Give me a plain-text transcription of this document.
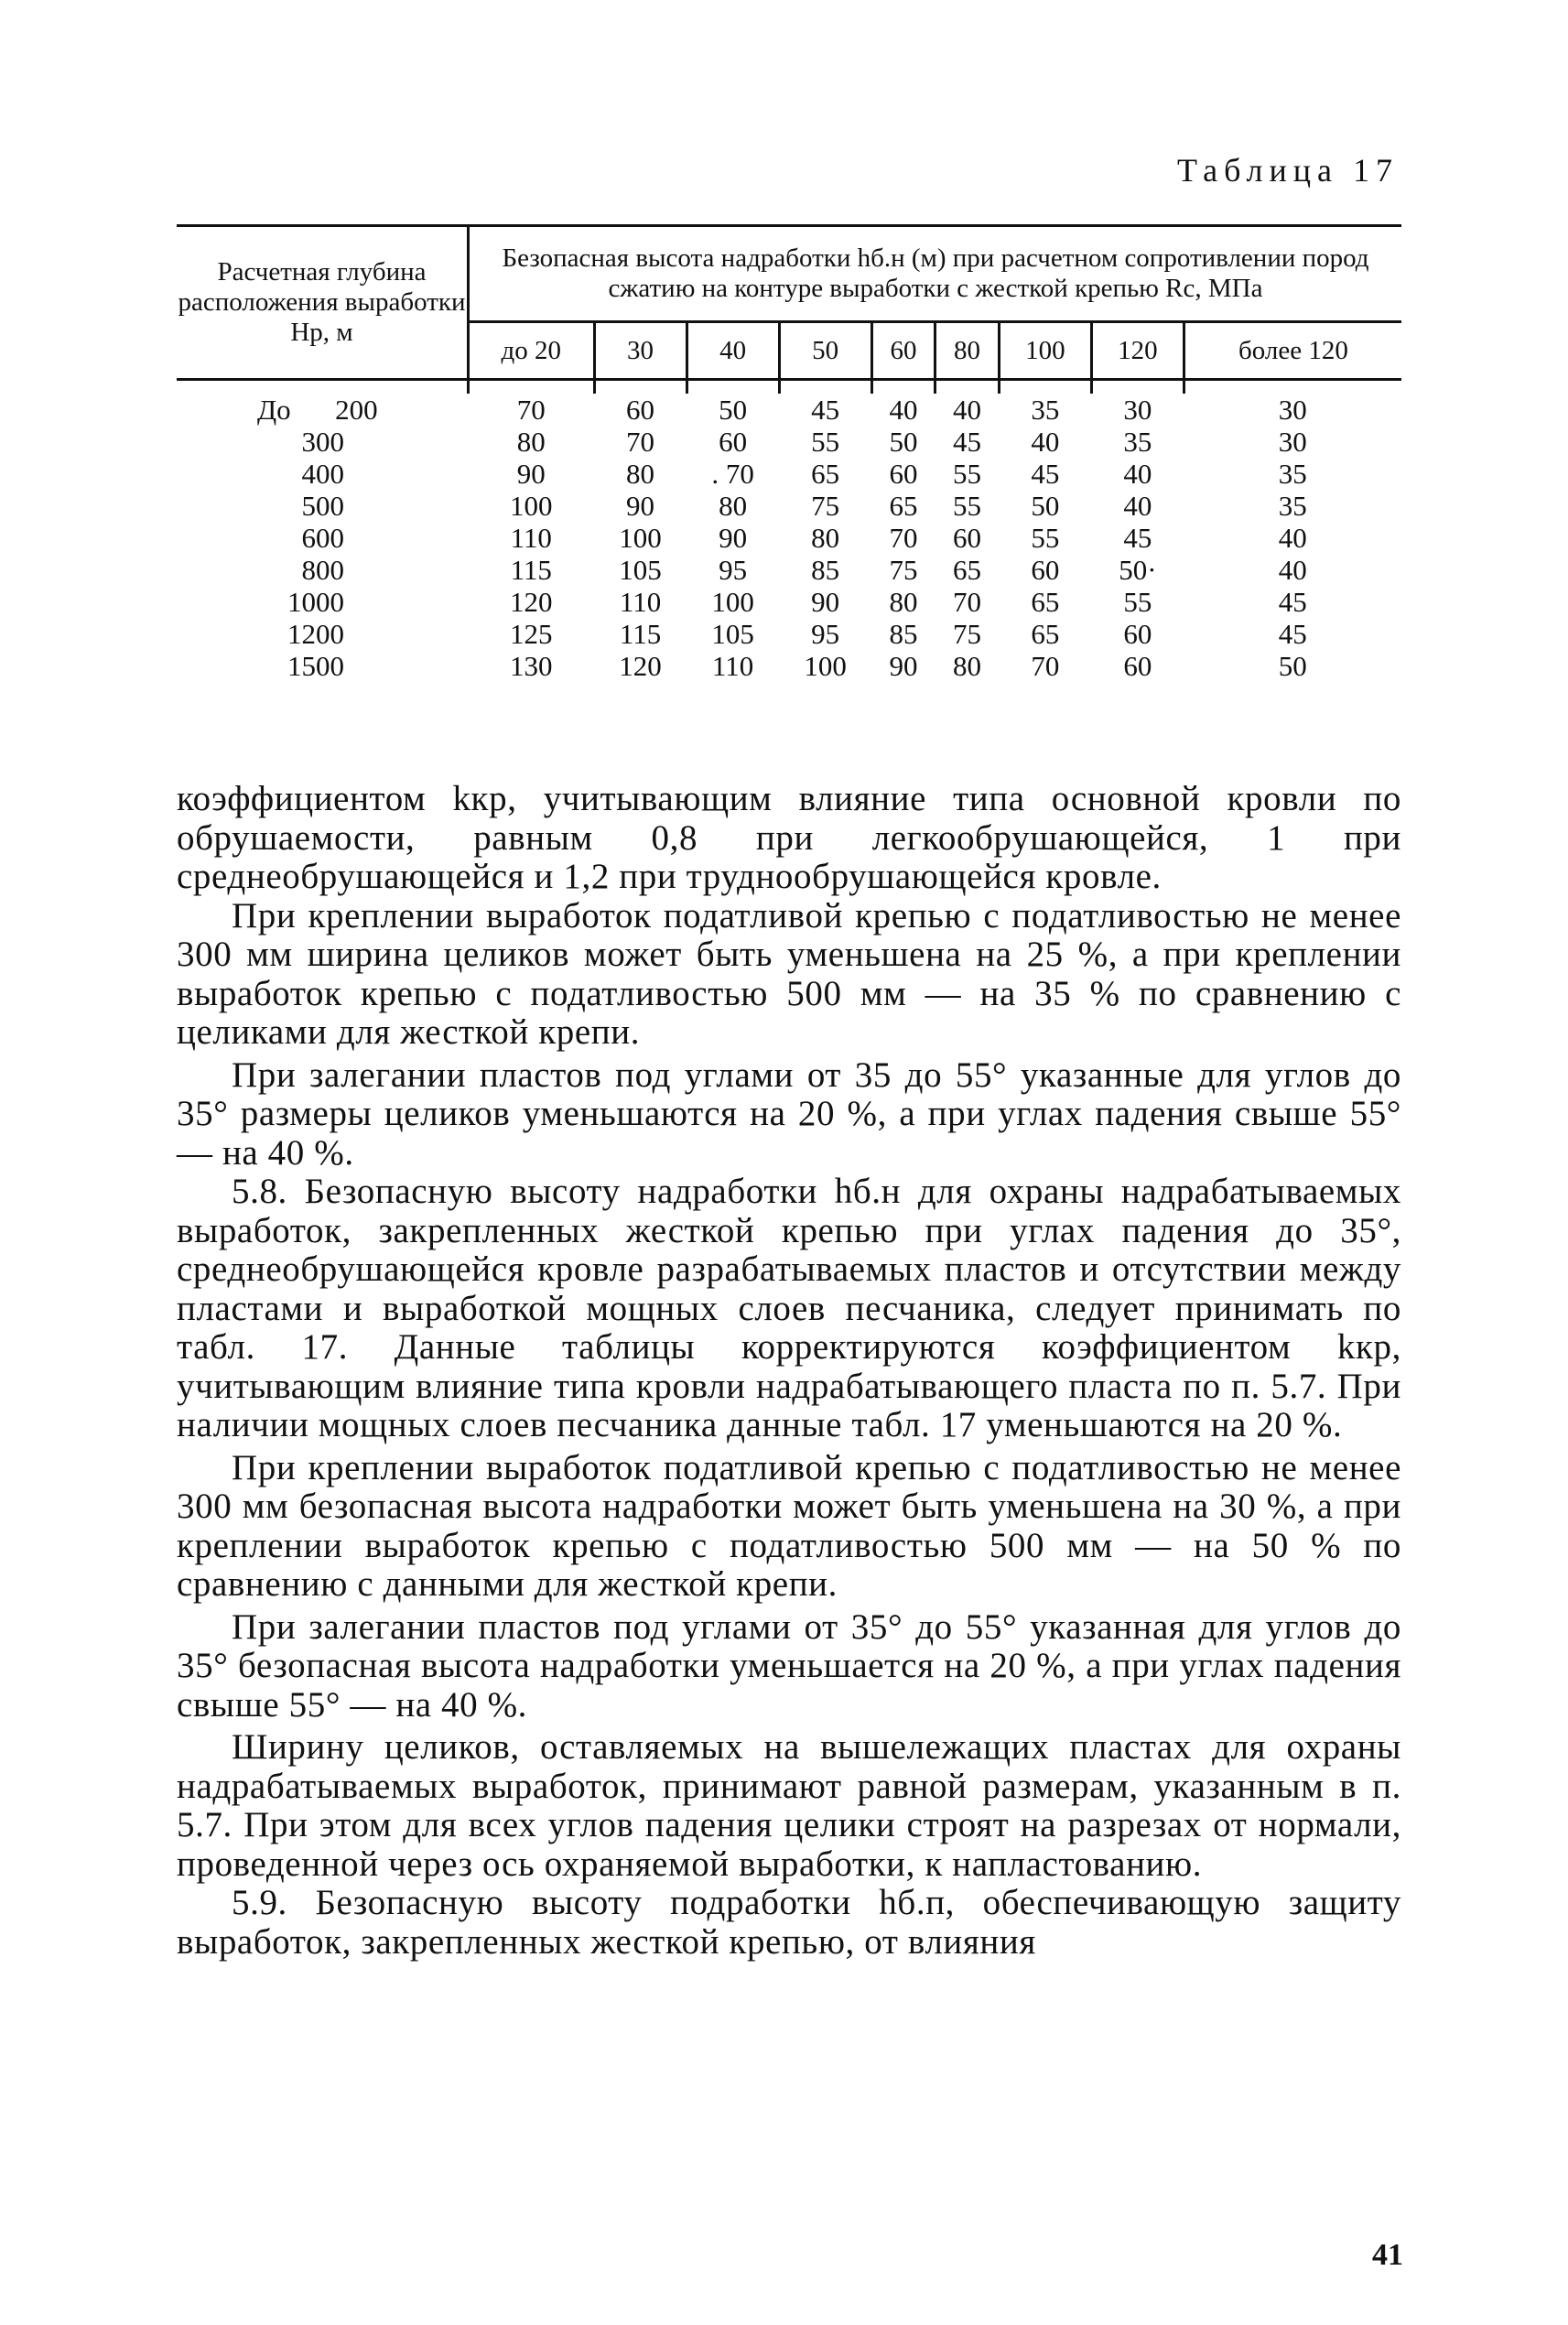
Таблица 17
Расчетная глубина расположения выработки Hр, м	Безопасная высота надработки hб.н (м) при расчетном сопротивлении пород сжатию на контуре выработки с жесткой крепью Rс, МПа								
	до 20	30	40	50	60	80	100	120	более 120

До 200	70	60	50	45	40	40	35	30	30
300	80	70	60	55	50	45	40	35	30
400	90	80	. 70	65	60	55	45	40	35
500	100	90	80	75	65	55	50	40	35
600	110	100	90	80	70	60	55	45	40
800	115	105	95	85	75	65	60	50·	40
1000	120	110	100	90	80	70	65	55	45
1200	125	115	105	95	85	75	65	60	45
1500	130	120	110	100	90	80	70	60	50

коэффициентом kкр, учитывающим влияние типа основной кровли по обрушаемости, равным 0,8 при легкообрушающейся, 1 при среднеобрушающейся и 1,2 при труднообрушающейся кровле.

При креплении выработок податливой крепью с податливостью не менее 300 мм ширина целиков может быть уменьшена на 25 %, а при креплении выработок крепью с податливостью 500 мм — на 35 % по сравнению с целиками для жесткой крепи.

При залегании пластов под углами от 35 до 55° указанные для углов до 35° размеры целиков уменьшаются на 20 %, а при углах падения свыше 55° — на 40 %.

5.8. Безопасную высоту надработки hб.н для охраны надрабатываемых выработок, закрепленных жесткой крепью при углах падения до 35°, среднеобрушающейся кровле разрабатываемых пластов и отсутствии между пластами и выработкой мощных слоев песчаника, следует принимать по табл. 17. Данные таблицы корректируются коэффициентом kкр, учитывающим влияние типа кровли надрабатывающего пласта по п. 5.7. При наличии мощных слоев песчаника данные табл. 17 уменьшаются на 20 %.

При креплении выработок податливой крепью с податливостью не менее 300 мм безопасная высота надработки может быть уменьшена на 30 %, а при креплении выработок крепью с податливостью 500 мм — на 50 % по сравнению с данными для жесткой крепи.

При залегании пластов под углами от 35° до 55° указанная для углов до 35° безопасная высота надработки уменьшается на 20 %, а при углах падения свыше 55° — на 40 %.

Ширину целиков, оставляемых на вышележащих пластах для охраны надрабатываемых выработок, принимают равной размерам, указанным в п. 5.7. При этом для всех углов падения целики строят на разрезах от нормали, проведенной через ось охраняемой выработки, к напластованию.

5.9. Безопасную высоту подработки hб.п, обеспечивающую защиту выработок, закрепленных жесткой крепью, от влияния

41
